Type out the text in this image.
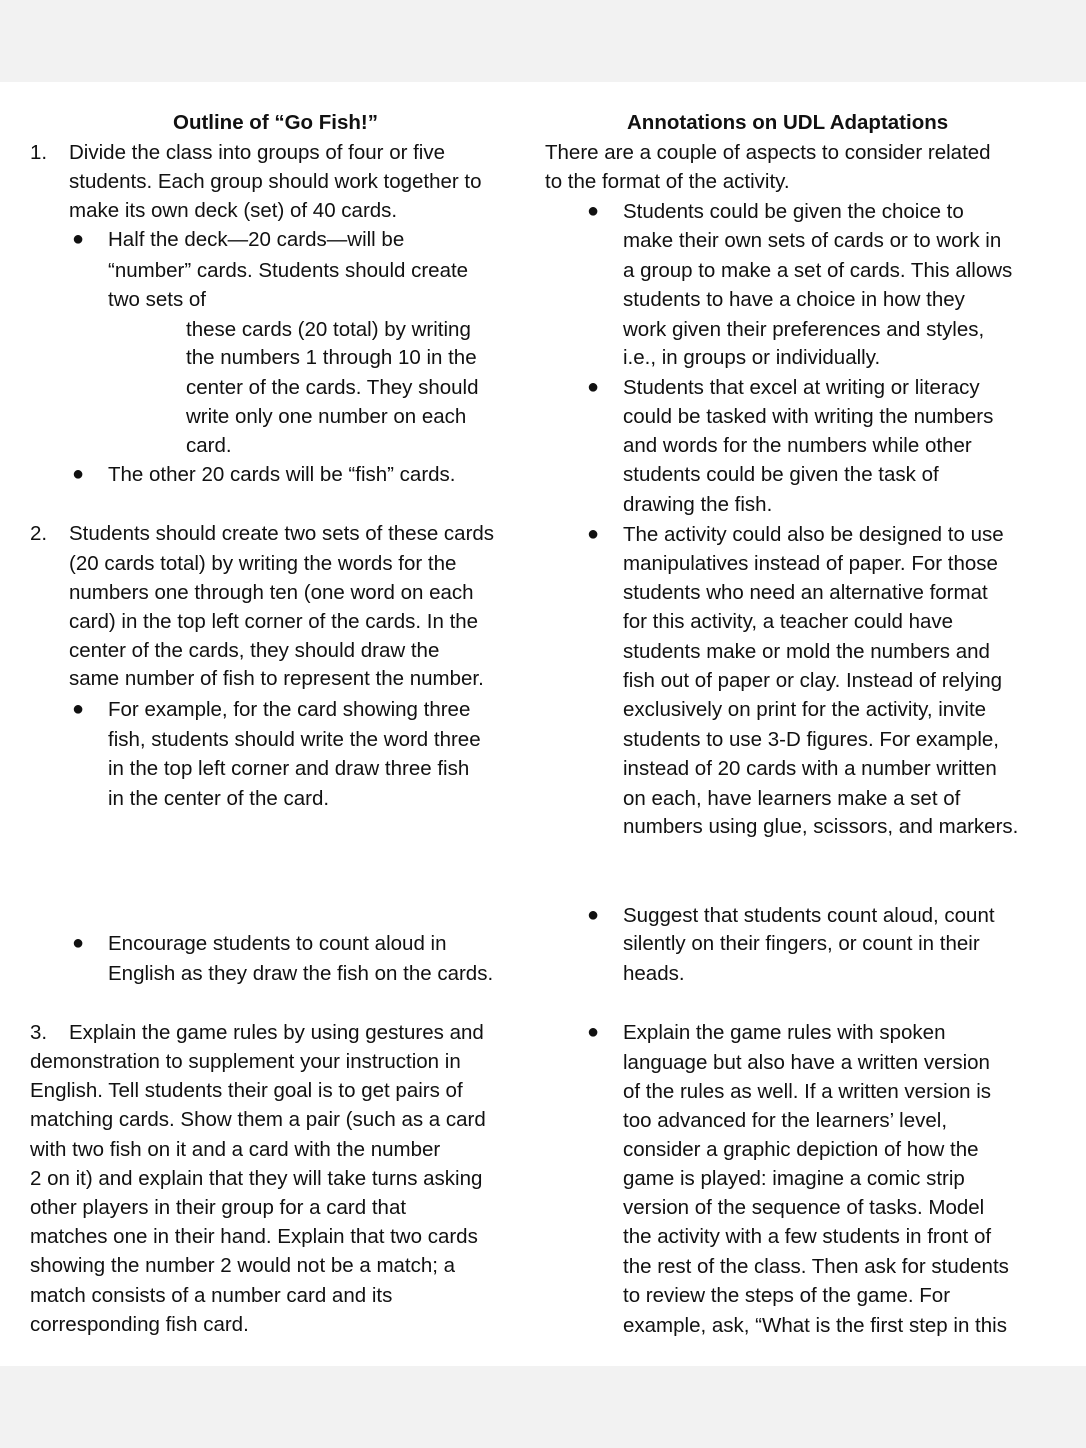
Outline of “Go Fish!”
1. Divide the class into groups of four or five
students. Each group should work together to
make its own deck (set) of 40 cards.
● Half the deck—20 cards—will be
“number” cards. Students should create
two sets of
these cards (20 total) by writing
the numbers 1 through 10 in the
center of the cards. They should
write only one number on each
card.
● The other 20 cards will be “fish” cards.
2. Students should create two sets of these cards
(20 cards total) by writing the words for the
numbers one through ten (one word on each
card) in the top left corner of the cards. In the
center of the cards, they should draw the
same number of fish to represent the number.
● For example, for the card showing three
fish, students should write the word three
in the top left corner and draw three fish
in the center of the card.
● Encourage students to count aloud in
English as they draw the fish on the cards.
3. Explain the game rules by using gestures and
demonstration to supplement your instruction in
English. Tell students their goal is to get pairs of
matching cards. Show them a pair (such as a card
with two fish on it and a card with the number
2 on it) and explain that they will take turns asking
other players in their group for a card that
matches one in their hand. Explain that two cards
showing the number 2 would not be a match; a
match consists of a number card and its
corresponding fish card.
Annotations on UDL Adaptations
There are a couple of aspects to consider related
to the format of the activity.
● Students could be given the choice to
make their own sets of cards or to work in
a group to make a set of cards. This allows
students to have a choice in how they
work given their preferences and styles,
i.e., in groups or individually.
● Students that excel at writing or literacy
could be tasked with writing the numbers
and words for the numbers while other
students could be given the task of
drawing the fish.
● The activity could also be designed to use
manipulatives instead of paper. For those
students who need an alternative format
for this activity, a teacher could have
students make or mold the numbers and
fish out of paper or clay. Instead of relying
exclusively on print for the activity, invite
students to use 3-D figures. For example,
instead of 20 cards with a number written
on each, have learners make a set of
numbers using glue, scissors, and markers.
● Suggest that students count aloud, count
silently on their fingers, or count in their
heads.
● Explain the game rules with spoken
language but also have a written version
of the rules as well. If a written version is
too advanced for the learners’ level,
consider a graphic depiction of how the
game is played: imagine a comic strip
version of the sequence of tasks. Model
the activity with a few students in front of
the rest of the class. Then ask for students
to review the steps of the game. For
example, ask, “What is the first step in this
